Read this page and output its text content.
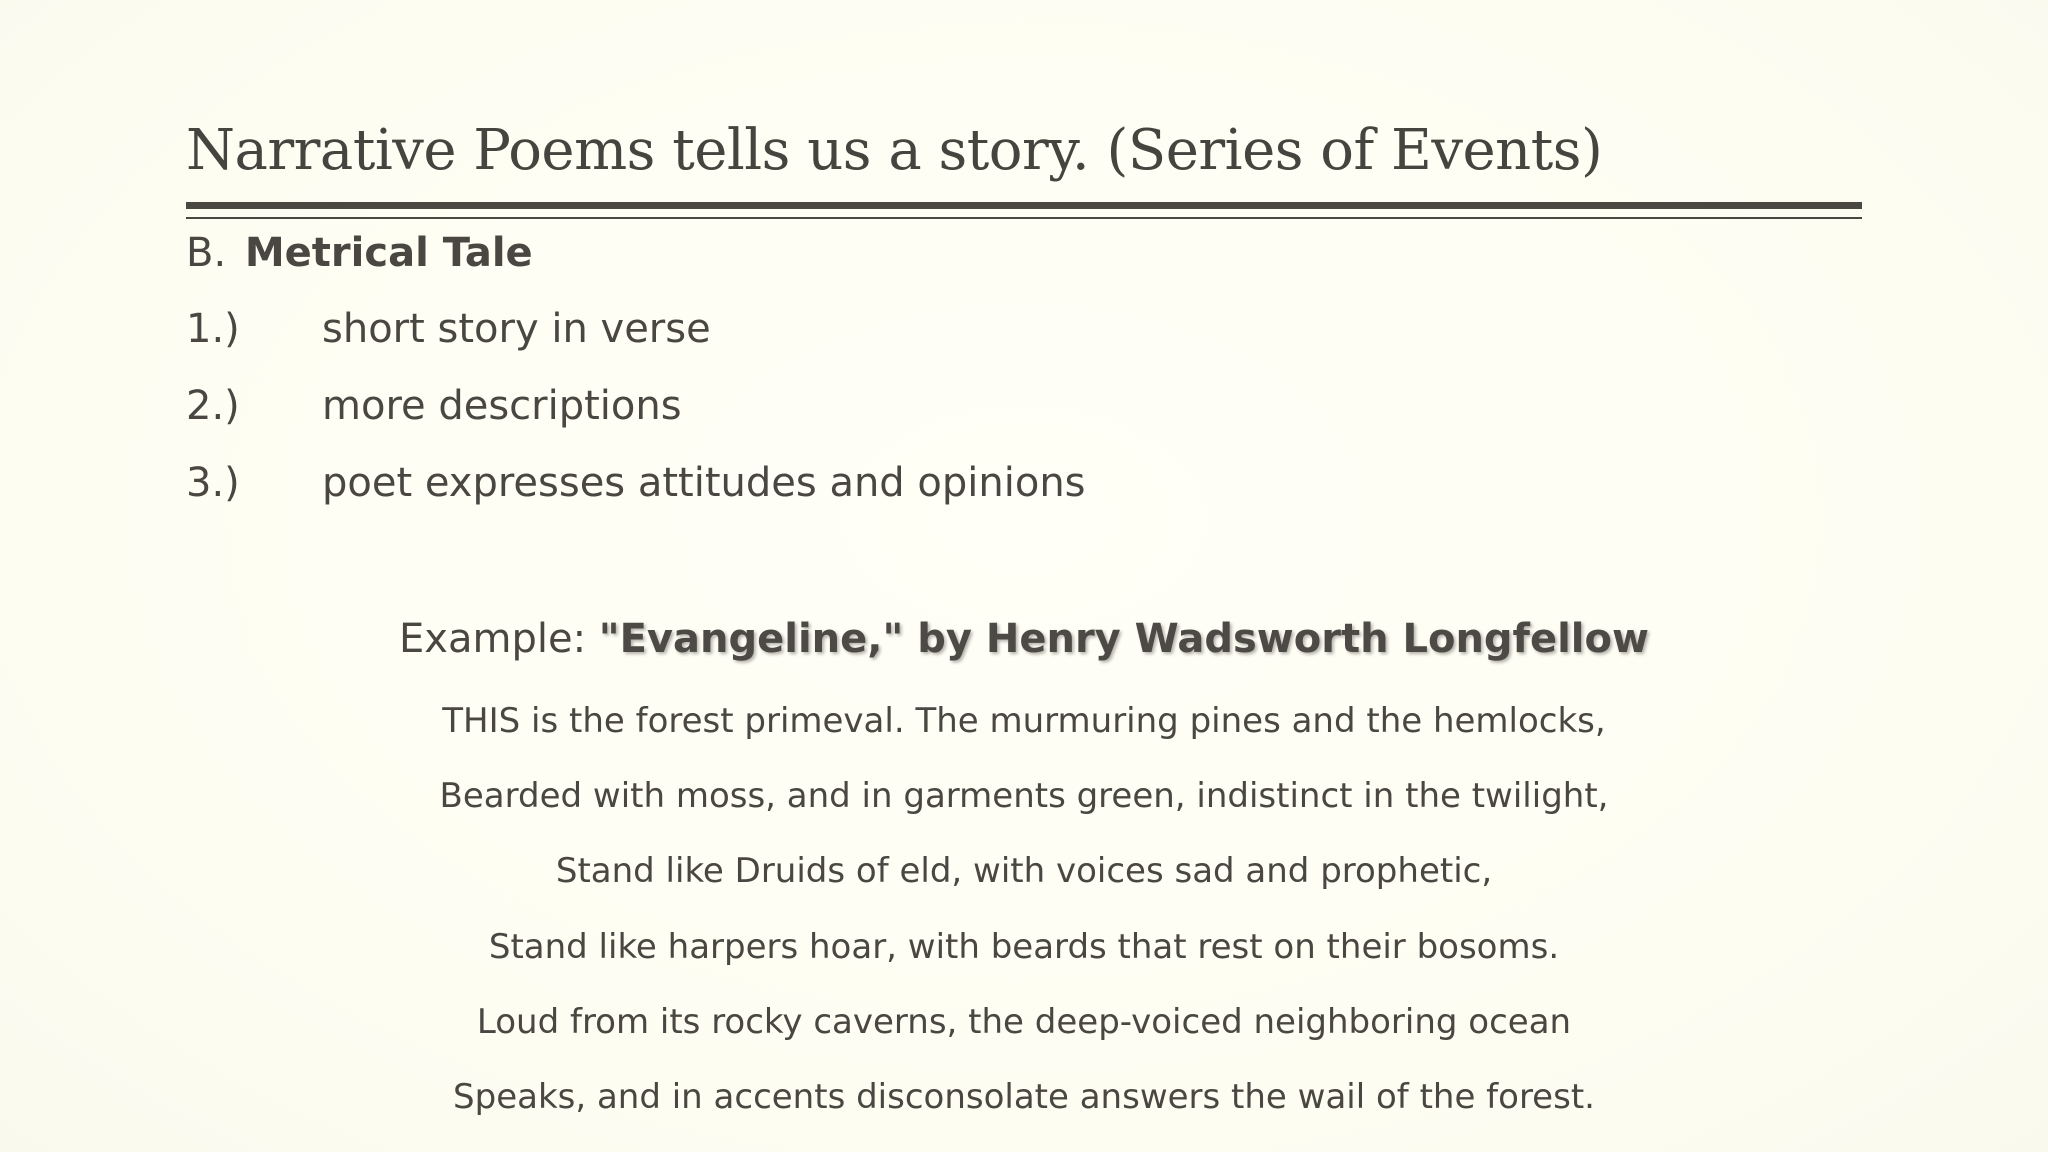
Narrative Poems tells us a story. (Series of Events)
B. Metrical Tale
1.) short story in verse
2.) more descriptions
3.) poet expresses attitudes and opinions
Example: "Evangeline," by Henry Wadsworth Longfellow
THIS is the forest primeval. The murmuring pines and the hemlocks,
Bearded with moss, and in garments green, indistinct in the twilight,
Stand like Druids of eld, with voices sad and prophetic,
Stand like harpers hoar, with beards that rest on their bosoms.
Loud from its rocky caverns, the deep-voiced neighboring ocean
Speaks, and in accents disconsolate answers the wail of the forest.
